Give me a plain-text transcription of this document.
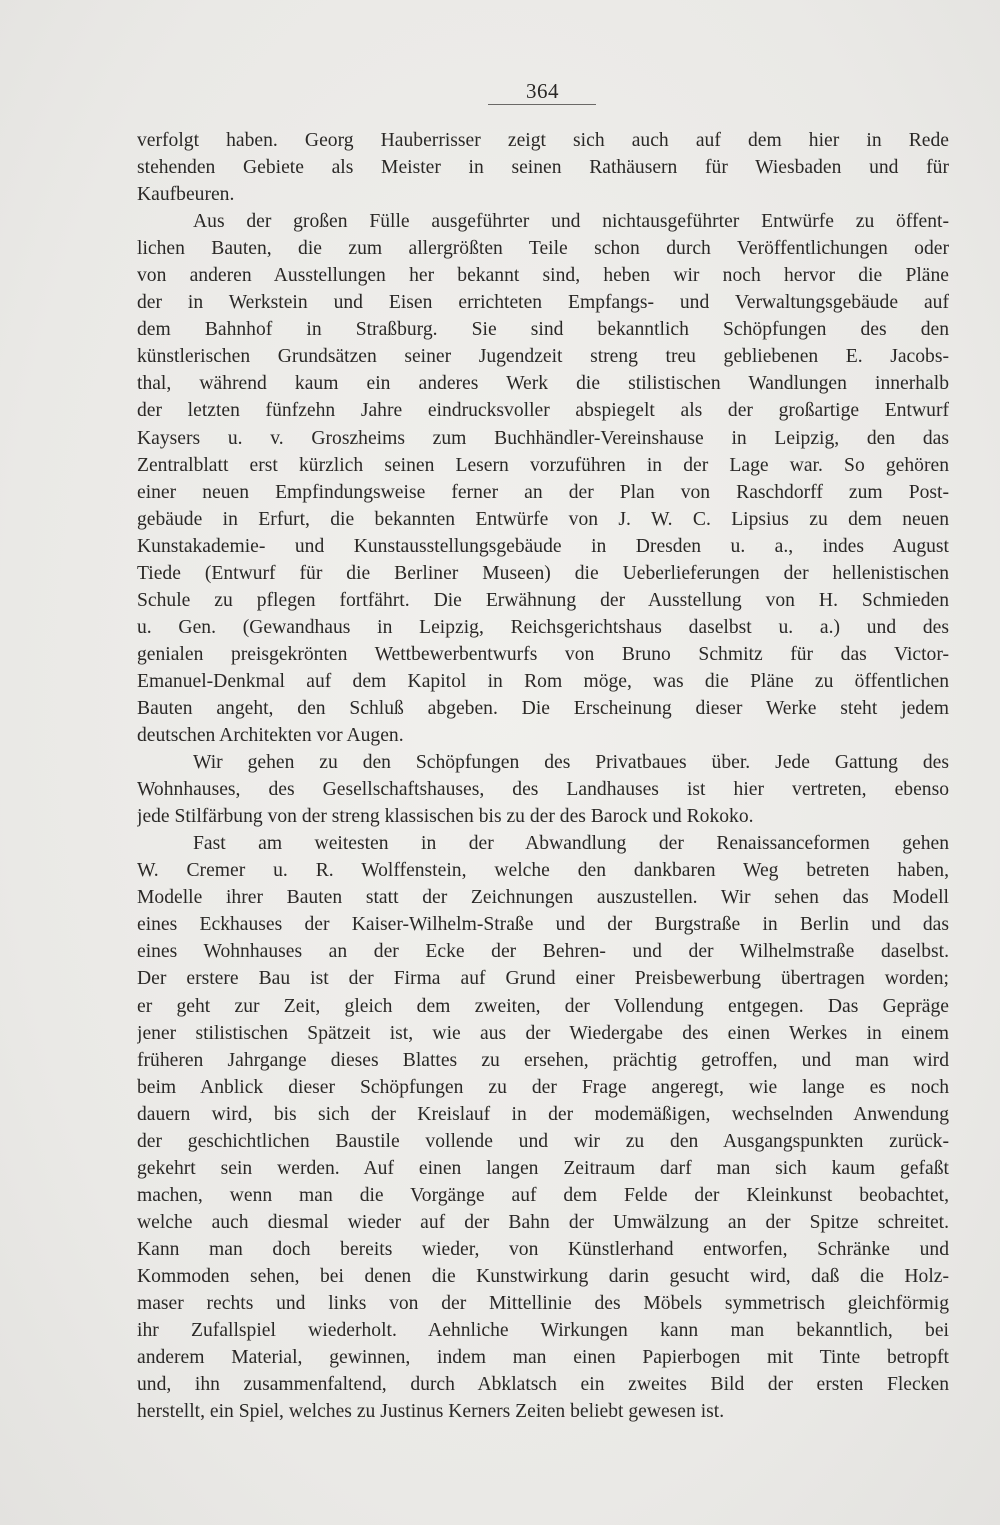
364
verfolgt haben. Georg Hauberrisser zeigt sich auch auf dem hier in Rede
stehenden Gebiete als Meister in seinen Rathäusern für Wiesbaden und für
Kaufbeuren.
Aus der großen Fülle ausgeführter und nichtausgeführter Entwürfe zu öffent-
lichen Bauten, die zum allergrößten Teile schon durch Veröffentlichungen oder
von anderen Ausstellungen her bekannt sind, heben wir noch hervor die Pläne
der in Werkstein und Eisen errichteten Empfangs- und Verwaltungsgebäude auf
dem Bahnhof in Straßburg. Sie sind bekanntlich Schöpfungen des den
künstlerischen Grundsätzen seiner Jugendzeit streng treu gebliebenen E. Jacobs-
thal, während kaum ein anderes Werk die stilistischen Wandlungen innerhalb
der letzten fünfzehn Jahre eindrucksvoller abspiegelt als der großartige Entwurf
Kaysers u. v. Groszheims zum Buchhändler-Vereinshause in Leipzig, den das
Zentralblatt erst kürzlich seinen Lesern vorzuführen in der Lage war. So gehören
einer neuen Empfindungsweise ferner an der Plan von Raschdorff zum Post-
gebäude in Erfurt, die bekannten Entwürfe von J. W. C. Lipsius zu dem neuen
Kunstakademie- und Kunstausstellungsgebäude in Dresden u. a., indes August
Tiede (Entwurf für die Berliner Museen) die Ueberlieferungen der hellenistischen
Schule zu pflegen fortfährt. Die Erwähnung der Ausstellung von H. Schmieden
u. Gen. (Gewandhaus in Leipzig, Reichsgerichtshaus daselbst u. a.) und des
genialen preisgekrönten Wettbewerbentwurfs von Bruno Schmitz für das Victor-
Emanuel-Denkmal auf dem Kapitol in Rom möge, was die Pläne zu öffentlichen
Bauten angeht, den Schluß abgeben. Die Erscheinung dieser Werke steht jedem
deutschen Architekten vor Augen.
Wir gehen zu den Schöpfungen des Privatbaues über. Jede Gattung des
Wohnhauses, des Gesellschaftshauses, des Landhauses ist hier vertreten, ebenso
jede Stilfärbung von der streng klassischen bis zu der des Barock und Rokoko.
Fast am weitesten in der Abwandlung der Renaissanceformen gehen
W. Cremer u. R. Wolffenstein, welche den dankbaren Weg betreten haben,
Modelle ihrer Bauten statt der Zeichnungen auszustellen. Wir sehen das Modell
eines Eckhauses der Kaiser-Wilhelm-Straße und der Burgstraße in Berlin und das
eines Wohnhauses an der Ecke der Behren- und der Wilhelmstraße daselbst.
Der erstere Bau ist der Firma auf Grund einer Preisbewerbung übertragen worden;
er geht zur Zeit, gleich dem zweiten, der Vollendung entgegen. Das Gepräge
jener stilistischen Spätzeit ist, wie aus der Wiedergabe des einen Werkes in einem
früheren Jahrgange dieses Blattes zu ersehen, prächtig getroffen, und man wird
beim Anblick dieser Schöpfungen zu der Frage angeregt, wie lange es noch
dauern wird, bis sich der Kreislauf in der modemäßigen, wechselnden Anwendung
der geschichtlichen Baustile vollende und wir zu den Ausgangspunkten zurück-
gekehrt sein werden. Auf einen langen Zeitraum darf man sich kaum gefaßt
machen, wenn man die Vorgänge auf dem Felde der Kleinkunst beobachtet,
welche auch diesmal wieder auf der Bahn der Umwälzung an der Spitze schreitet.
Kann man doch bereits wieder, von Künstlerhand entworfen, Schränke und
Kommoden sehen, bei denen die Kunstwirkung darin gesucht wird, daß die Holz-
maser rechts und links von der Mittellinie des Möbels symmetrisch gleichförmig
ihr Zufallspiel wiederholt. Aehnliche Wirkungen kann man bekanntlich, bei
anderem Material, gewinnen, indem man einen Papierbogen mit Tinte betropft
und, ihn zusammenfaltend, durch Abklatsch ein zweites Bild der ersten Flecken
herstellt, ein Spiel, welches zu Justinus Kerners Zeiten beliebt gewesen ist.
